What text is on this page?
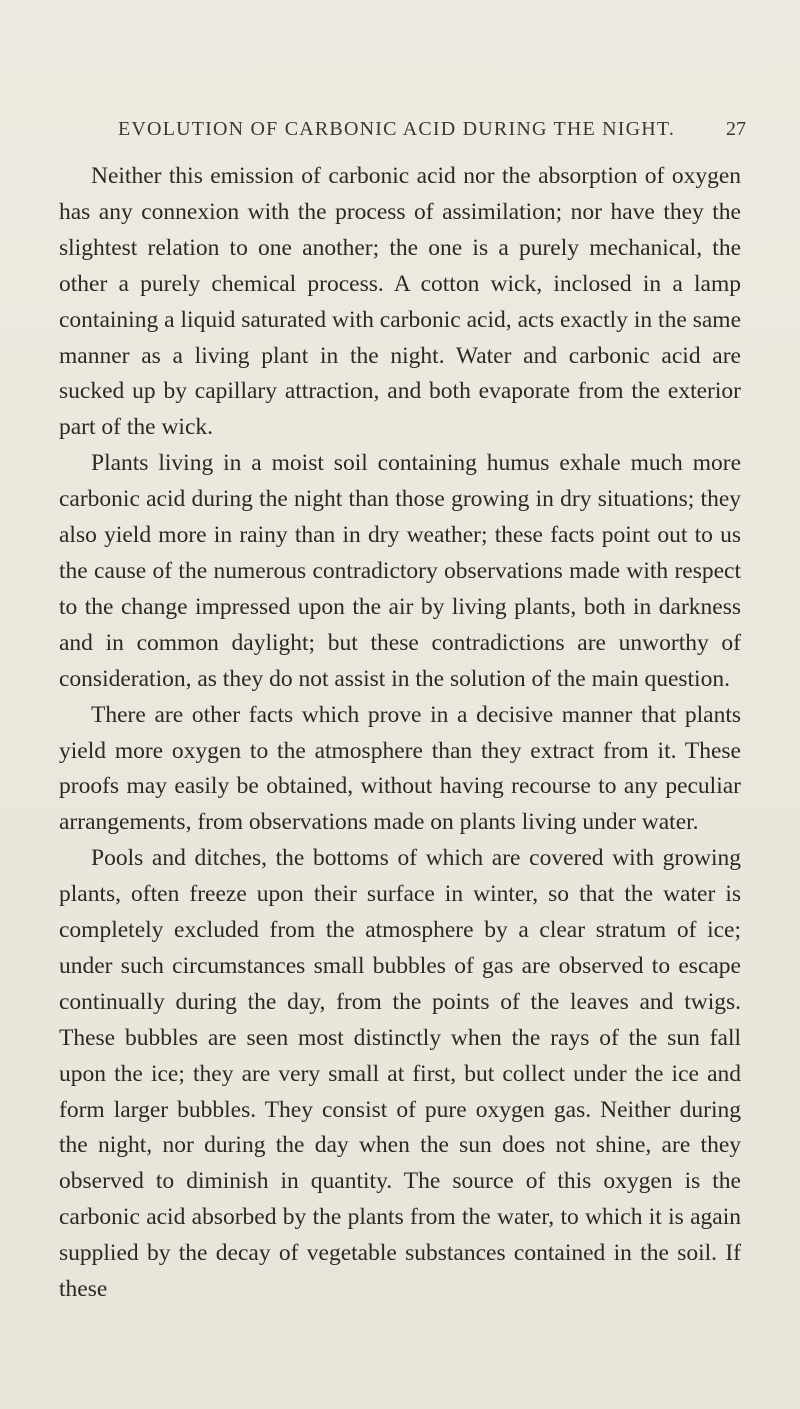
EVOLUTION OF CARBONIC ACID DURING THE NIGHT.	27

Neither this emission of carbonic acid nor the absorption of oxygen has any connexion with the process of assimilation; nor have they the slightest relation to one another; the one is a purely mechanical, the other a purely chemical process. A cotton wick, inclosed in a lamp containing a liquid saturated with carbonic acid, acts exactly in the same manner as a living plant in the night. Water and carbonic acid are sucked up by capillary attraction, and both evaporate from the exterior part of the wick.

Plants living in a moist soil containing humus exhale much more carbonic acid during the night than those growing in dry situations; they also yield more in rainy than in dry weather; these facts point out to us the cause of the numerous contradictory observations made with respect to the change impressed upon the air by living plants, both in darkness and in common daylight; but these contradictions are unworthy of consideration, as they do not assist in the solution of the main question.

There are other facts which prove in a decisive manner that plants yield more oxygen to the atmosphere than they extract from it. These proofs may easily be obtained, without having recourse to any peculiar arrangements, from observations made on plants living under water.

Pools and ditches, the bottoms of which are covered with growing plants, often freeze upon their surface in winter, so that the water is completely excluded from the atmosphere by a clear stratum of ice; under such circumstances small bubbles of gas are observed to escape continually during the day, from the points of the leaves and twigs. These bubbles are seen most distinctly when the rays of the sun fall upon the ice; they are very small at first, but collect under the ice and form larger bubbles. They consist of pure oxygen gas. Neither during the night, nor during the day when the sun does not shine, are they observed to diminish in quantity. The source of this oxygen is the carbonic acid absorbed by the plants from the water, to which it is again supplied by the decay of vegetable substances contained in the soil. If these
